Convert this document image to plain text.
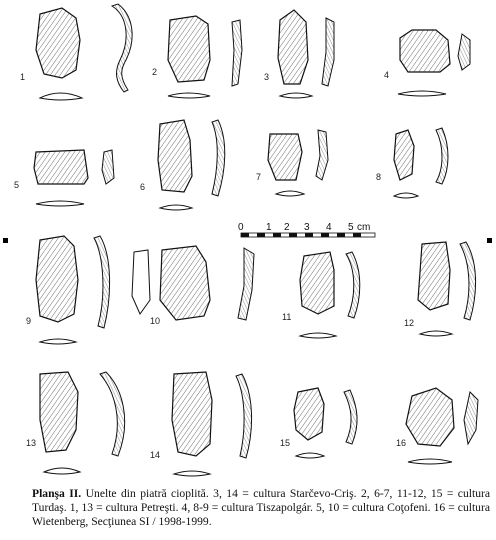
1	2	3	4
5	6
7	8
0 1 2 3 4 5 cm
9	10	11
12
13
14
15	16
Planşa II. Unelte din piatră cioplită. 3, 14 = cultura Starčevo-Criş. 2, 6-7, 11-12, 15 = cultura Turdaş. 1, 13 = cultura Petreşti. 4, 8-9 = cultura Tiszapolgár. 5, 10 = cultura Coţofeni. 16 = cultura Wietenberg, Secţiunea SI / 1998-1999.
